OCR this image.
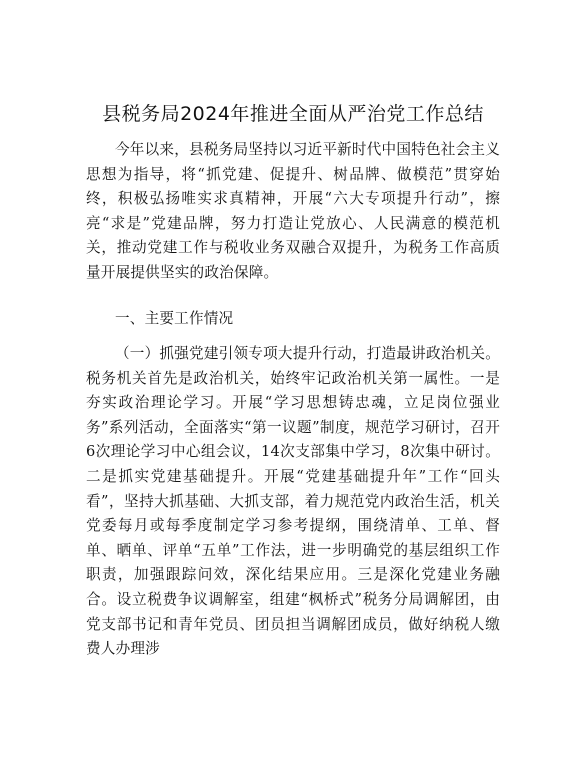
县税务局2024年推进全面从严治党工作总结

今年以来，县税务局坚持以习近平新时代中国特色社会主义思想为指导，将“抓党建、促提升、树品牌、做模范”贯穿始终，积极弘扬唯实求真精神，开展“六大专项提升行动”，擦亮“求是”党建品牌，努力打造让党放心、人民满意的模范机关，推动党建工作与税收业务双融合双提升，为税务工作高质量开展提供坚实的政治保障。

一、主要工作情况

（一）抓强党建引领专项大提升行动，打造最讲政治机关。税务机关首先是政治机关，始终牢记政治机关第一属性。一是夯实政治理论学习。开展“学习思想铸忠魂，立足岗位强业务”系列活动，全面落实“第一议题”制度，规范学习研讨，召开6次理论学习中心组会议，14次支部集中学习，8次集中研讨。二是抓实党建基础提升。开展“党建基础提升年”工作“回头看”，坚持大抓基础、大抓支部，着力规范党内政治生活，机关党委每月或每季度制定学习参考提纲，围绕清单、工单、督单、晒单、评单“五单”工作法，进一步明确党的基层组织工作职责，加强跟踪问效，深化结果应用。三是深化党建业务融合。设立税费争议调解室，组建“枫桥式”税务分局调解团，由党支部书记和青年党员、团员担当调解团成员，做好纳税人缴费人办理涉
